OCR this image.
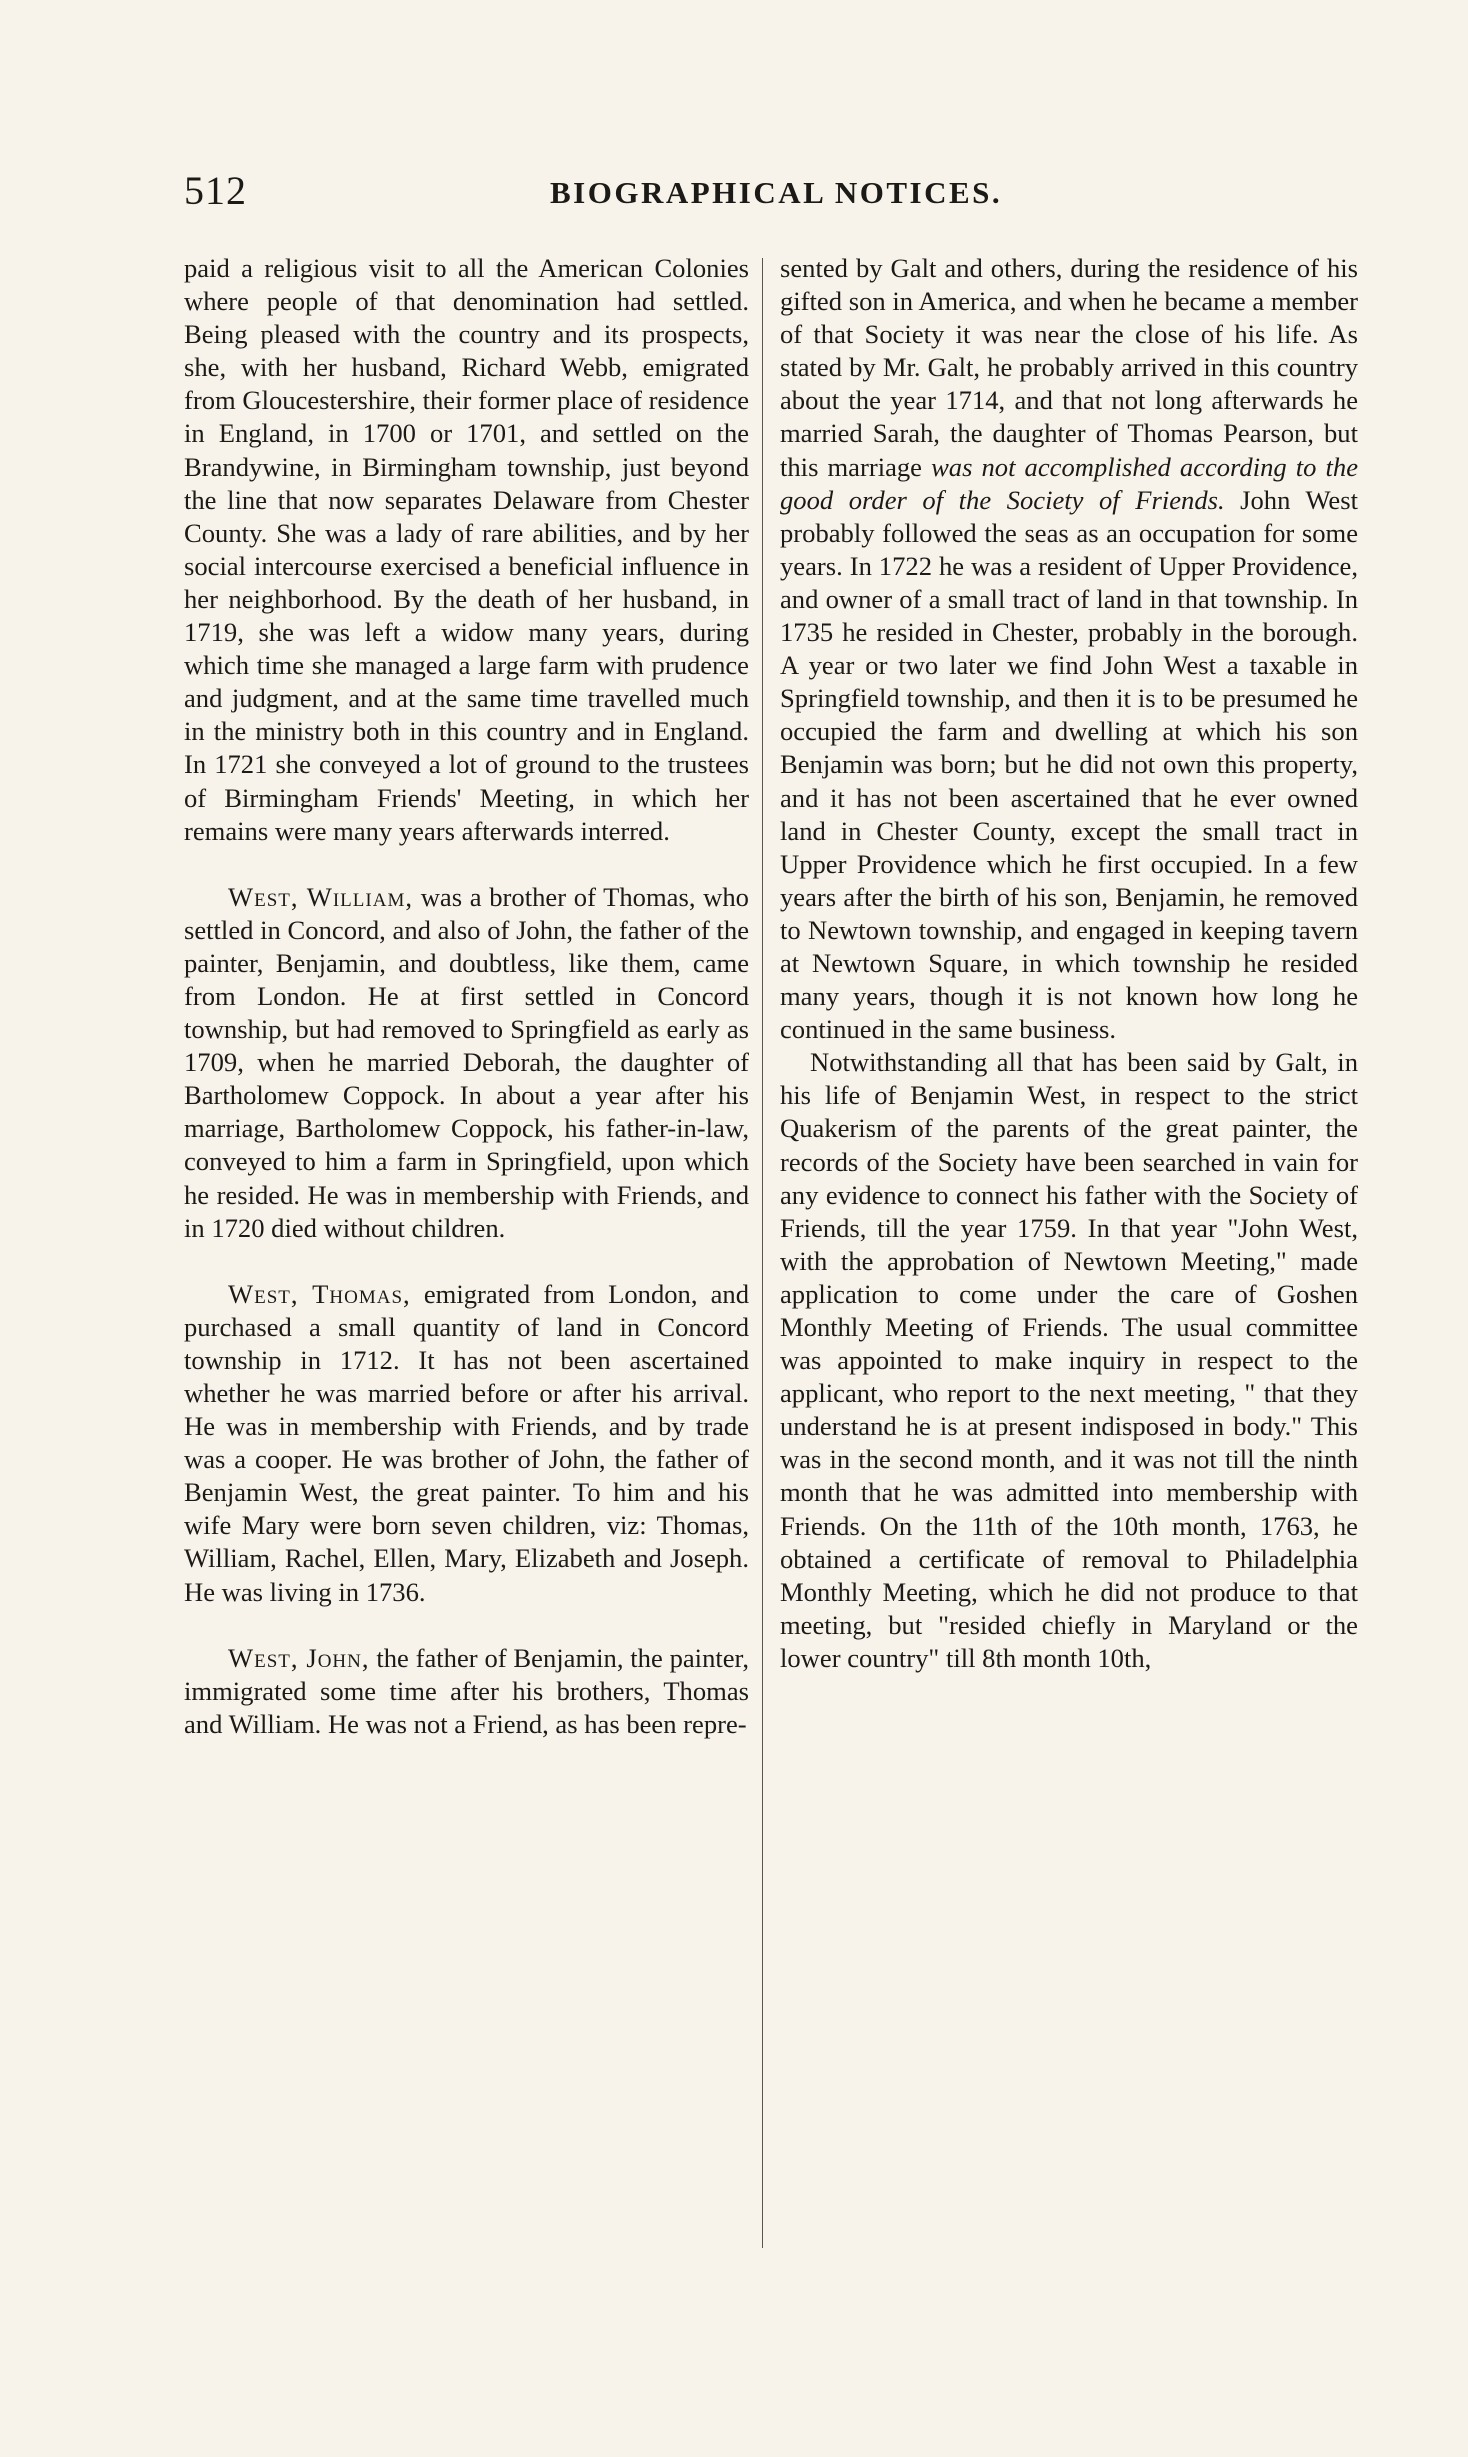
512	BIOGRAPHICAL NOTICES.

paid a religious visit to all the American Colonies where people of that denomination had settled. Being pleased with the country and its prospects, she, with her husband, Richard Webb, emigrated from Gloucestershire, their former place of residence in England, in 1700 or 1701, and settled on the Brandywine, in Birmingham township, just beyond the line that now separates Delaware from Chester County. She was a lady of rare abilities, and by her social intercourse exercised a beneficial influence in her neighborhood. By the death of her husband, in 1719, she was left a widow many years, during which time she managed a large farm with prudence and judgment, and at the same time travelled much in the ministry both in this country and in England. In 1721 she conveyed a lot of ground to the trustees of Birmingham Friends' Meeting, in which her remains were many years afterwards interred.

West, William, was a brother of Thomas, who settled in Concord, and also of John, the father of the painter, Benjamin, and doubtless, like them, came from London. He at first settled in Concord township, but had removed to Springfield as early as 1709, when he married Deborah, the daughter of Bartholomew Coppock. In about a year after his marriage, Bartholomew Coppock, his father-in-law, conveyed to him a farm in Springfield, upon which he resided. He was in membership with Friends, and in 1720 died without children.

West, Thomas, emigrated from London, and purchased a small quantity of land in Concord township in 1712. It has not been ascertained whether he was married before or after his arrival. He was in membership with Friends, and by trade was a cooper. He was brother of John, the father of Benjamin West, the great painter. To him and his wife Mary were born seven children, viz: Thomas, William, Rachel, Ellen, Mary, Elizabeth and Joseph. He was living in 1736.

West, John, the father of Benjamin, the painter, immigrated some time after his brothers, Thomas and William. He was not a Friend, as has been repre-

sented by Galt and others, during the residence of his gifted son in America, and when he became a member of that Society it was near the close of his life. As stated by Mr. Galt, he probably arrived in this country about the year 1714, and that not long afterwards he married Sarah, the daughter of Thomas Pearson, but this marriage was not accomplished according to the good order of the Society of Friends. John West probably followed the seas as an occupation for some years. In 1722 he was a resident of Upper Providence, and owner of a small tract of land in that township. In 1735 he resided in Chester, probably in the borough. A year or two later we find John West a taxable in Springfield township, and then it is to be presumed he occupied the farm and dwelling at which his son Benjamin was born; but he did not own this property, and it has not been ascertained that he ever owned land in Chester County, except the small tract in Upper Providence which he first occupied. In a few years after the birth of his son, Benjamin, he removed to Newtown township, and engaged in keeping tavern at Newtown Square, in which township he resided many years, though it is not known how long he continued in the same business.

Notwithstanding all that has been said by Galt, in his life of Benjamin West, in respect to the strict Quakerism of the parents of the great painter, the records of the Society have been searched in vain for any evidence to connect his father with the Society of Friends, till the year 1759. In that year "John West, with the approbation of Newtown Meeting," made application to come under the care of Goshen Monthly Meeting of Friends. The usual committee was appointed to make inquiry in respect to the applicant, who report to the next meeting, " that they understand he is at present indisposed in body." This was in the second month, and it was not till the ninth month that he was admitted into membership with Friends. On the 11th of the 10th month, 1763, he obtained a certificate of removal to Philadelphia Monthly Meeting, which he did not produce to that meeting, but "resided chiefly in Maryland or the lower country" till 8th month 10th,
